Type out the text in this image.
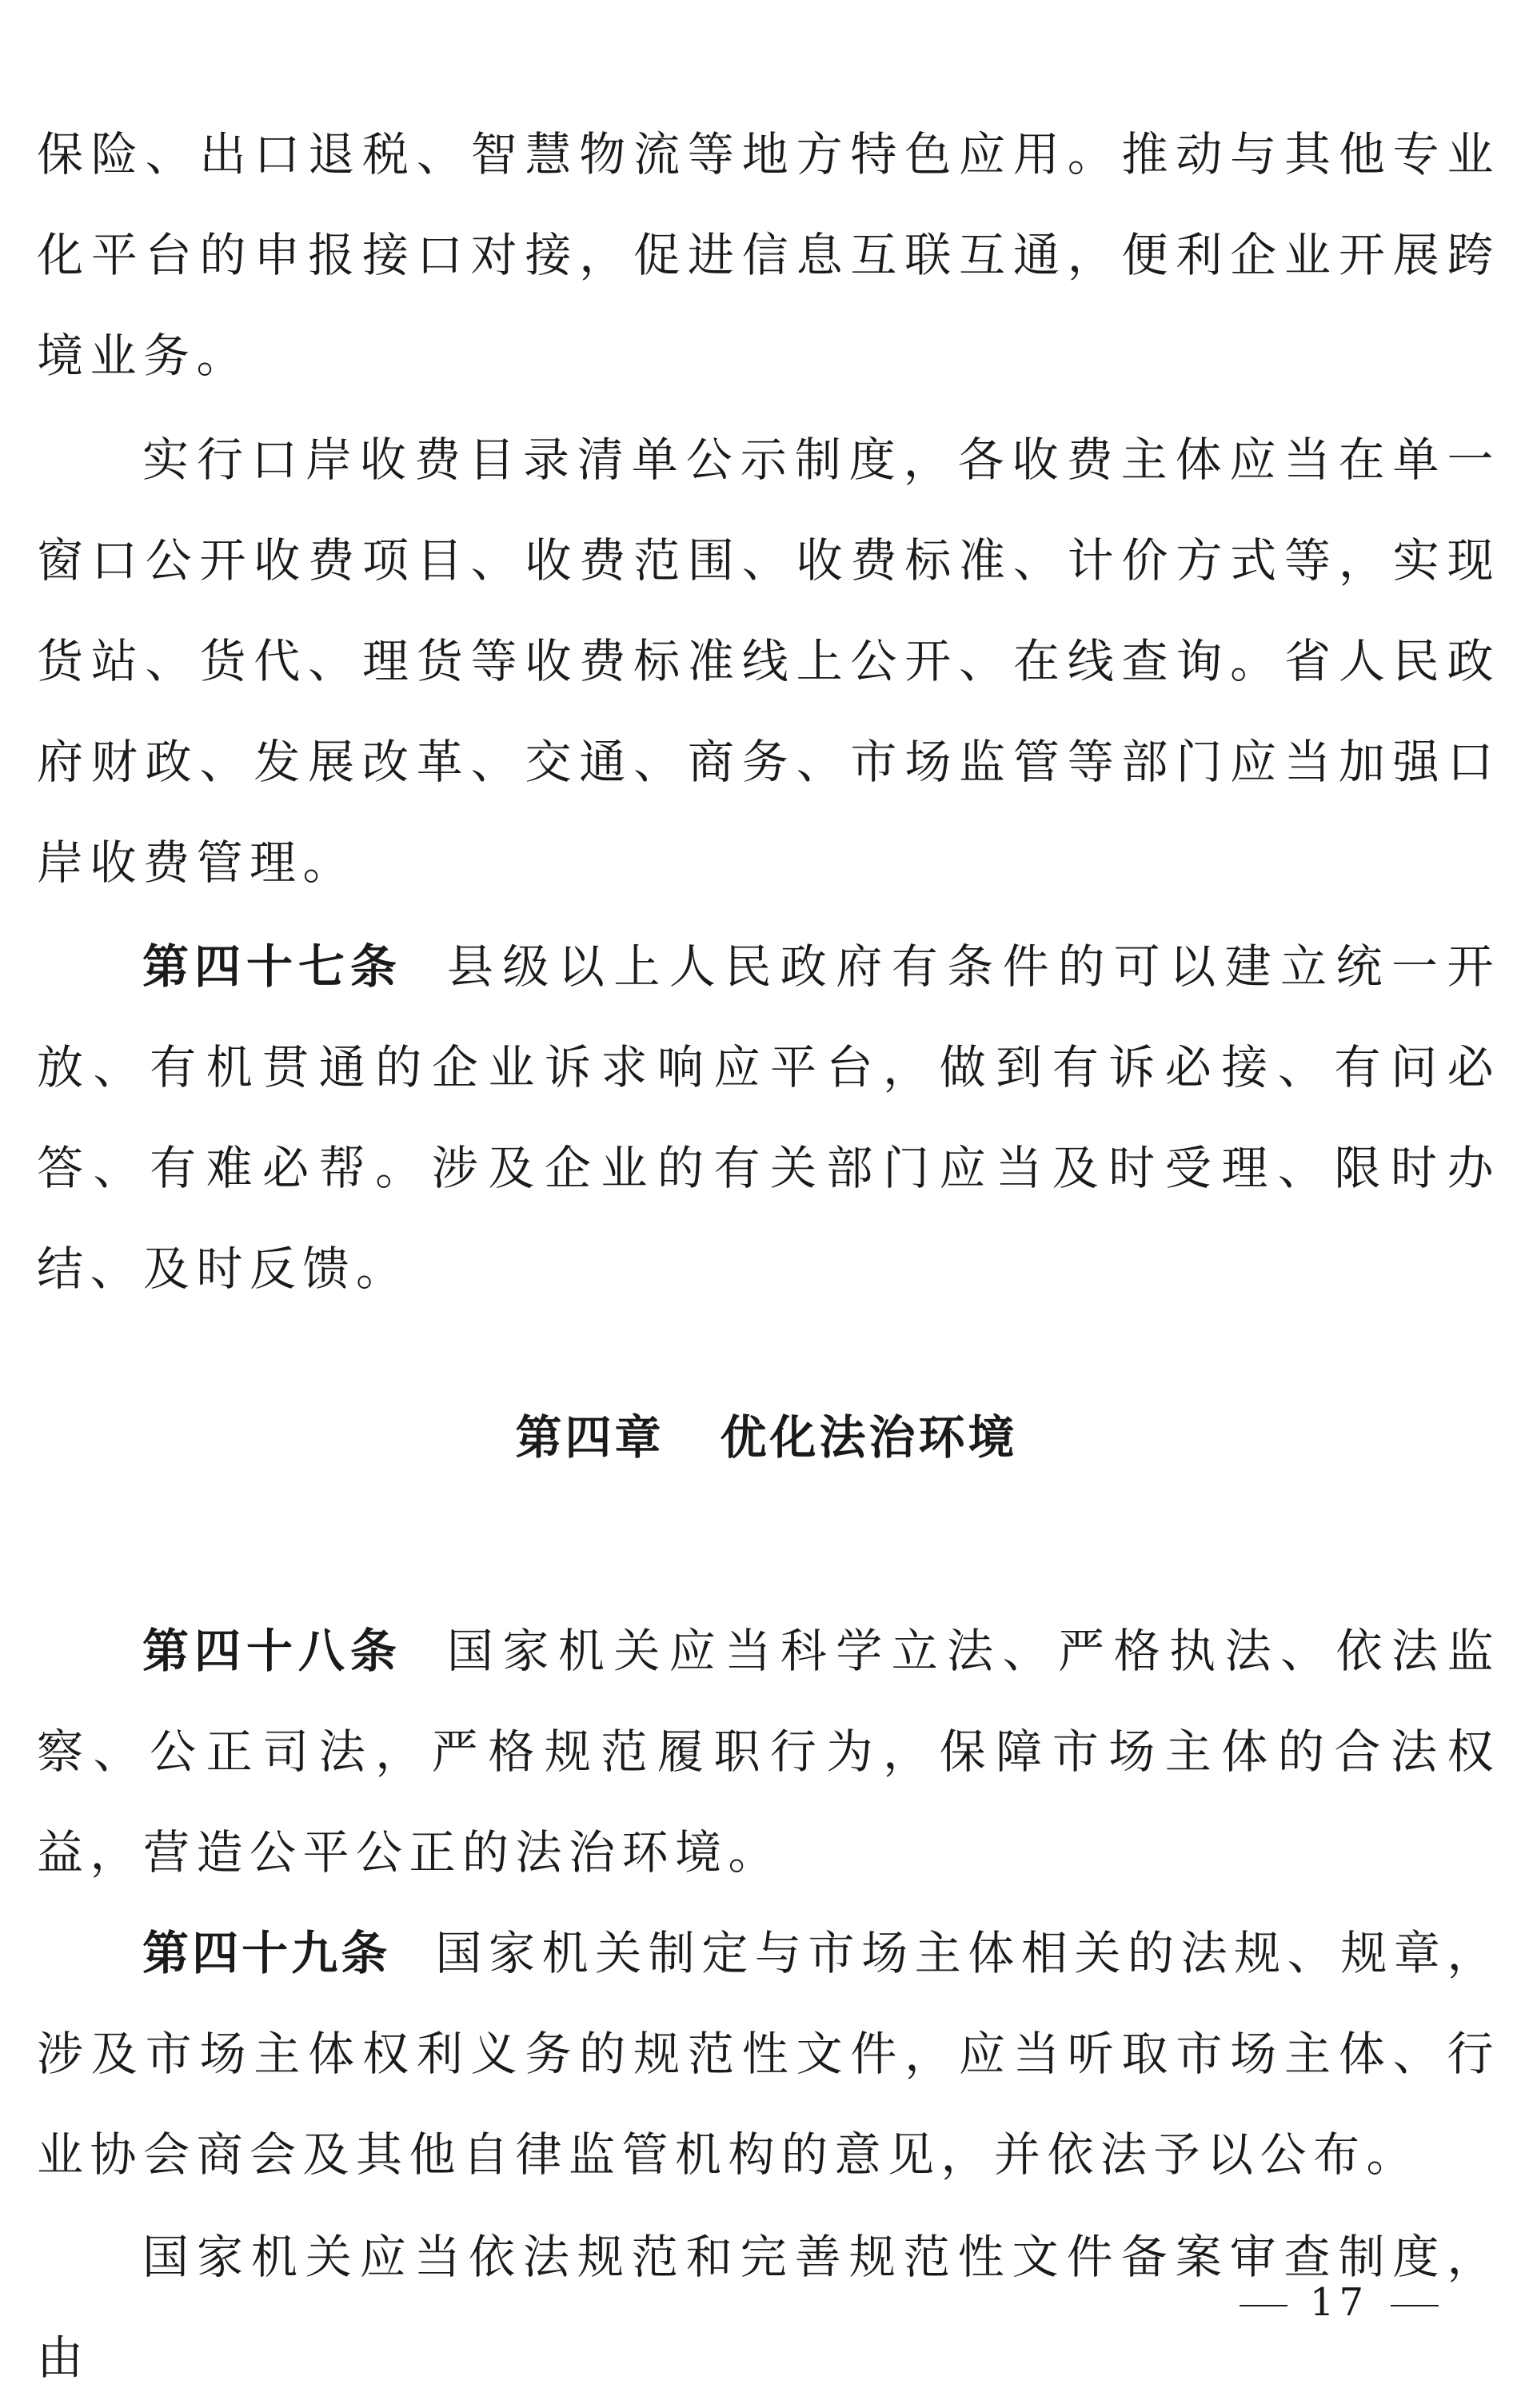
保险、出口退税、智慧物流等地方特色应用。推动与其他专业化平台的申报接口对接，促进信息互联互通，便利企业开展跨境业务。

实行口岸收费目录清单公示制度，各收费主体应当在单一窗口公开收费项目、收费范围、收费标准、计价方式等，实现货站、货代、理货等收费标准线上公开、在线查询。省人民政府财政、发展改革、交通、商务、市场监管等部门应当加强口岸收费管理。

第四十七条 县级以上人民政府有条件的可以建立统一开放、有机贯通的企业诉求响应平台，做到有诉必接、有问必答、有难必帮。涉及企业的有关部门应当及时受理、限时办结、及时反馈。

第四章 优化法治环境

第四十八条 国家机关应当科学立法、严格执法、依法监察、公正司法，严格规范履职行为，保障市场主体的合法权益，营造公平公正的法治环境。

第四十九条 国家机关制定与市场主体相关的法规、规章，涉及市场主体权利义务的规范性文件，应当听取市场主体、行业协会商会及其他自律监管机构的意见，并依法予以公布。

国家机关应当依法规范和完善规范性文件备案审查制度，由

17
